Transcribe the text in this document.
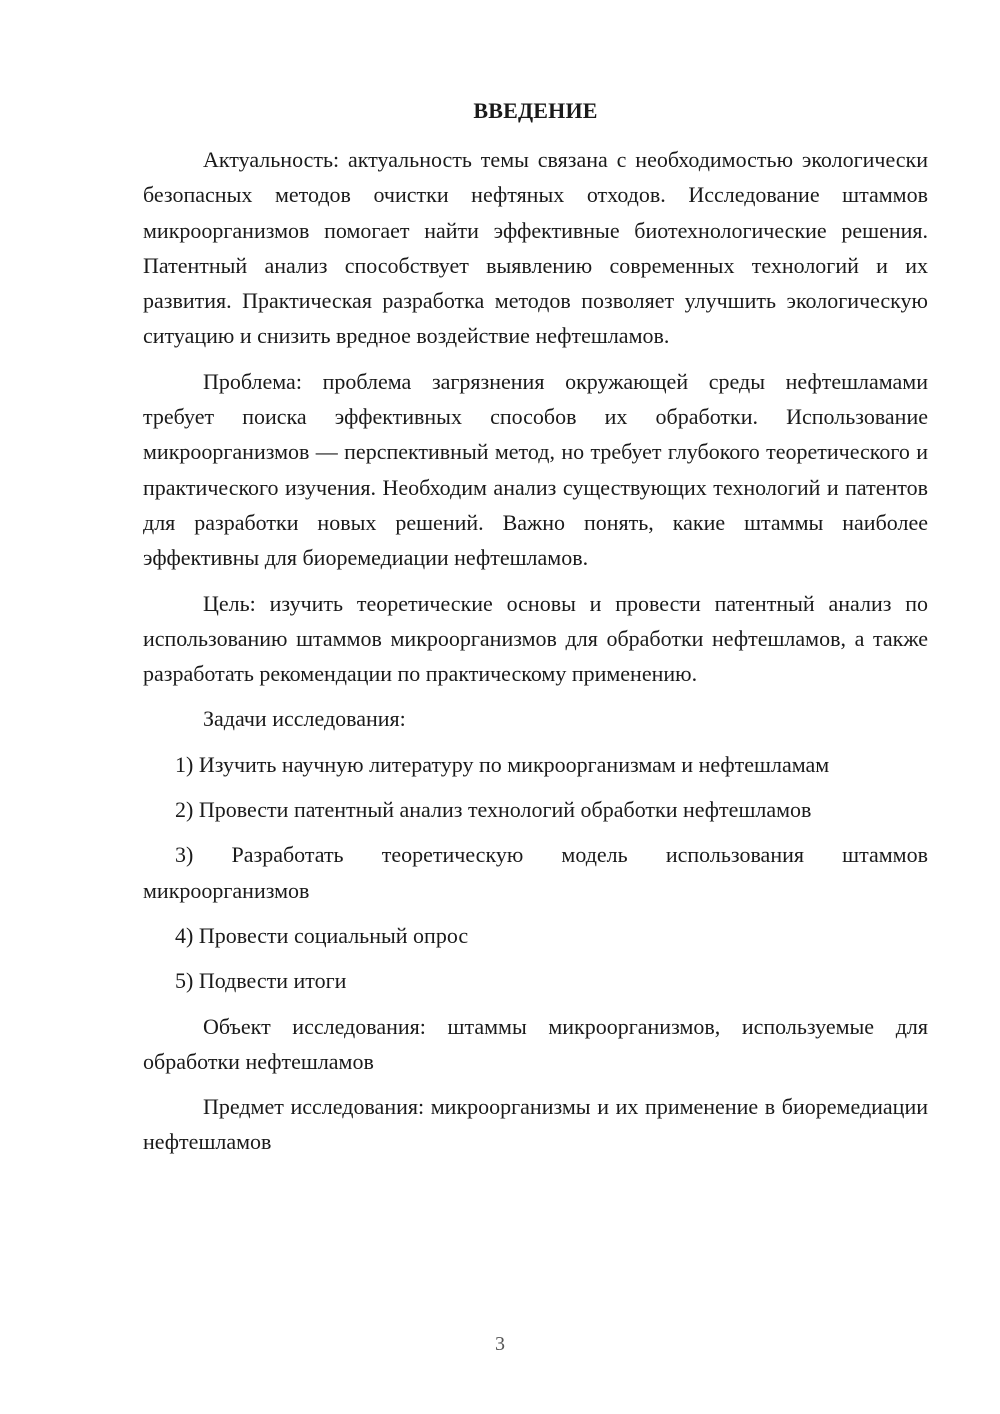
ВВЕДЕНИЕ

Актуальность: актуальность темы связана с необходимостью экологически безопасных методов очистки нефтяных отходов. Исследование штаммов микроорганизмов помогает найти эффективные биотехнологические решения. Патентный анализ способствует выявлению современных технологий и их развития. Практическая разработка методов позволяет улучшить экологическую ситуацию и снизить вредное воздействие нефтешламов.

Проблема: проблема загрязнения окружающей среды нефтешламами требует поиска эффективных способов их обработки. Использование микроорганизмов — перспективный метод, но требует глубокого теоретического и практического изучения. Необходим анализ существующих технологий и патентов для разработки новых решений. Важно понять, какие штаммы наиболее эффективны для биоремедиации нефтешламов.

Цель: изучить теоретические основы и провести патентный анализ по использованию штаммов микроорганизмов для обработки нефтешламов, а также разработать рекомендации по практическому применению.

Задачи исследования:

1) Изучить научную литературу по микроорганизмам и нефтешламам

2) Провести патентный анализ технологий обработки нефтешламов

3) Разработать теоретическую модель использования штаммов микроорганизмов

4) Провести социальный опрос

5) Подвести итоги

Объект исследования: штаммы микроорганизмов, используемые для обработки нефтешламов

Предмет исследования: микроорганизмы и их применение в биоремедиации нефтешламов

3
